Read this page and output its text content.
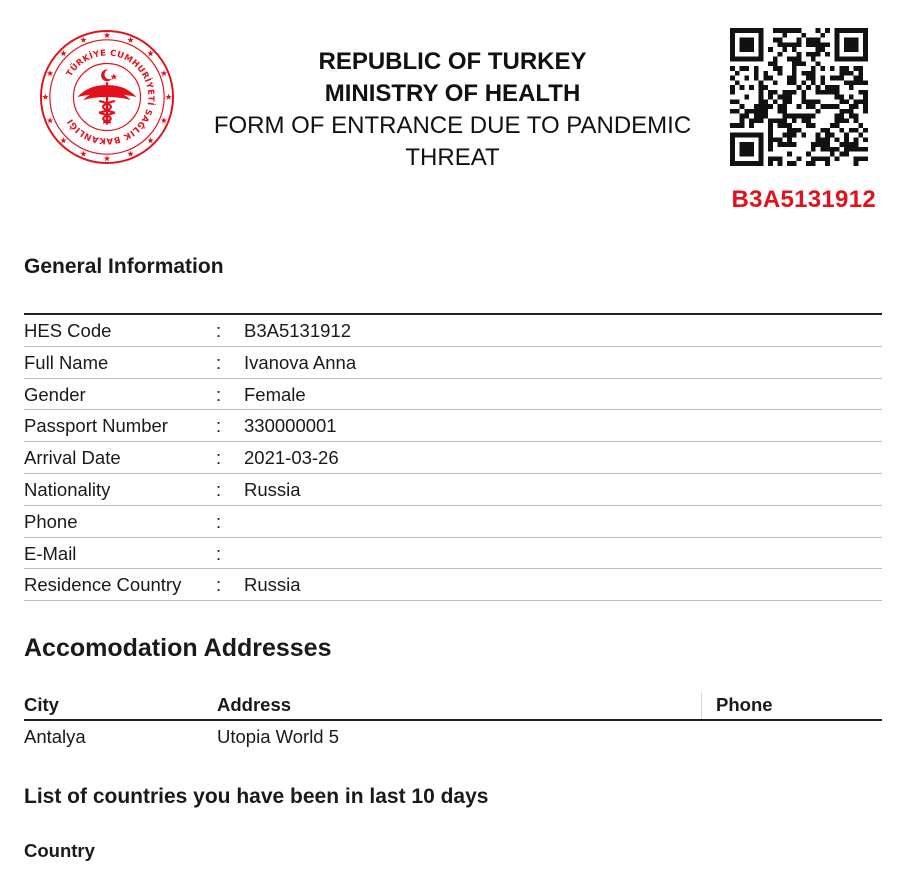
TÜRKİYE CUMHURİYETİ SAĞLIK BAKANLIĞI
REPUBLIC OF TURKEY
MINISTRY OF HEALTH
FORM OF ENTRANCE DUE TO PANDEMIC
THREAT
B3A5131912
General Information
HES Code	: B3A5131912
Full Name	: Ivanova Anna
Gender	: Female
Passport Number	: 330000001
Arrival Date	: 2021-03-26
Nationality	: Russia
Phone	:
E-Mail	:
Residence Country : Russia
Accomodation Addresses
City	Address	Phone
Antalya	Utopia World 5
List of countries you have been in last 10 days
Country
